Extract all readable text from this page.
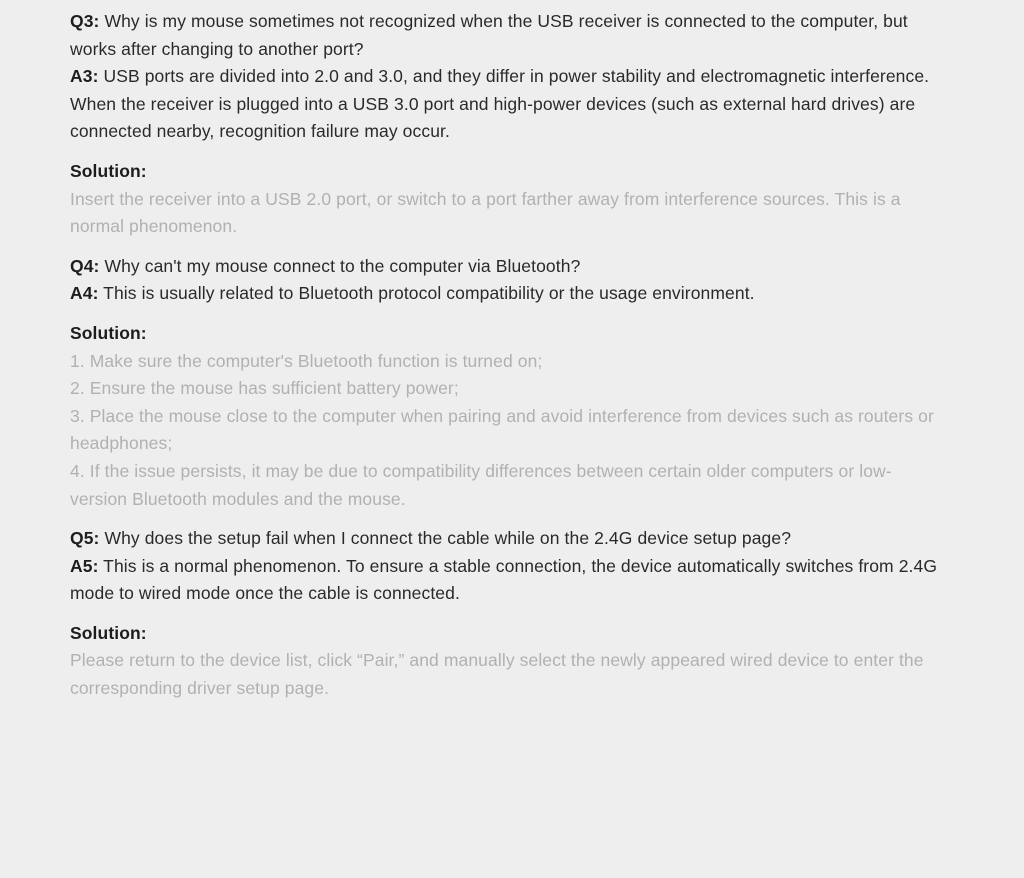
Q3: Why is my mouse sometimes not recognized when the USB receiver is connected to the computer, but works after changing to another port?

A3: USB ports are divided into 2.0 and 3.0, and they differ in power stability and electromagnetic interference. When the receiver is plugged into a USB 3.0 port and high-power devices (such as external hard drives) are connected nearby, recognition failure may occur.

Solution:

Insert the receiver into a USB 2.0 port, or switch to a port farther away from interference sources. This is a normal phenomenon.

Q4: Why can't my mouse connect to the computer via Bluetooth?

A4: This is usually related to Bluetooth protocol compatibility or the usage environment.

Solution:

1. Make sure the computer's Bluetooth function is turned on;

2. Ensure the mouse has sufficient battery power;

3. Place the mouse close to the computer when pairing and avoid interference from devices such as routers or headphones;

4. If the issue persists, it may be due to compatibility differences between certain older computers or low-version Bluetooth modules and the mouse.

Q5: Why does the setup fail when I connect the cable while on the 2.4G device setup page?

A5: This is a normal phenomenon. To ensure a stable connection, the device automatically switches from 2.4G mode to wired mode once the cable is connected.

Solution:

Please return to the device list, click “Pair,” and manually select the newly appeared wired device to enter the corresponding driver setup page.
